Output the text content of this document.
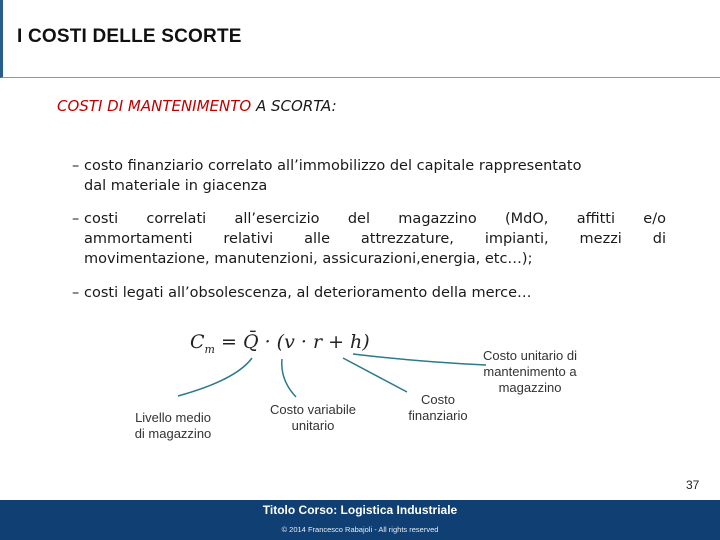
I COSTI DELLE SCORTE
COSTI DI MANTENIMENTO A SCORTA:
– costo finanziario correlato all’immobilizzo del capitale rappresentato
dal materiale in giacenza
– costi correlati all’esercizio del magazzino (MdO, affitti e/o
ammortamenti relativi alle attrezzature, impianti, mezzi di
movimentazione, manutenzioni, assicurazioni,energia, etc…);
– costi legati all’obsolescenza, al deterioramento della merce…
$C_m$ = Q̄ · (v · r + h)
Livello medio
di magazzino
Costo variabile
unitario
Costo
finanziario
Costo unitario di
mantenimento a
magazzino
37
Titolo Corso: Logistica Industriale
© 2014 Francesco Rabajoli - All rights reserved
